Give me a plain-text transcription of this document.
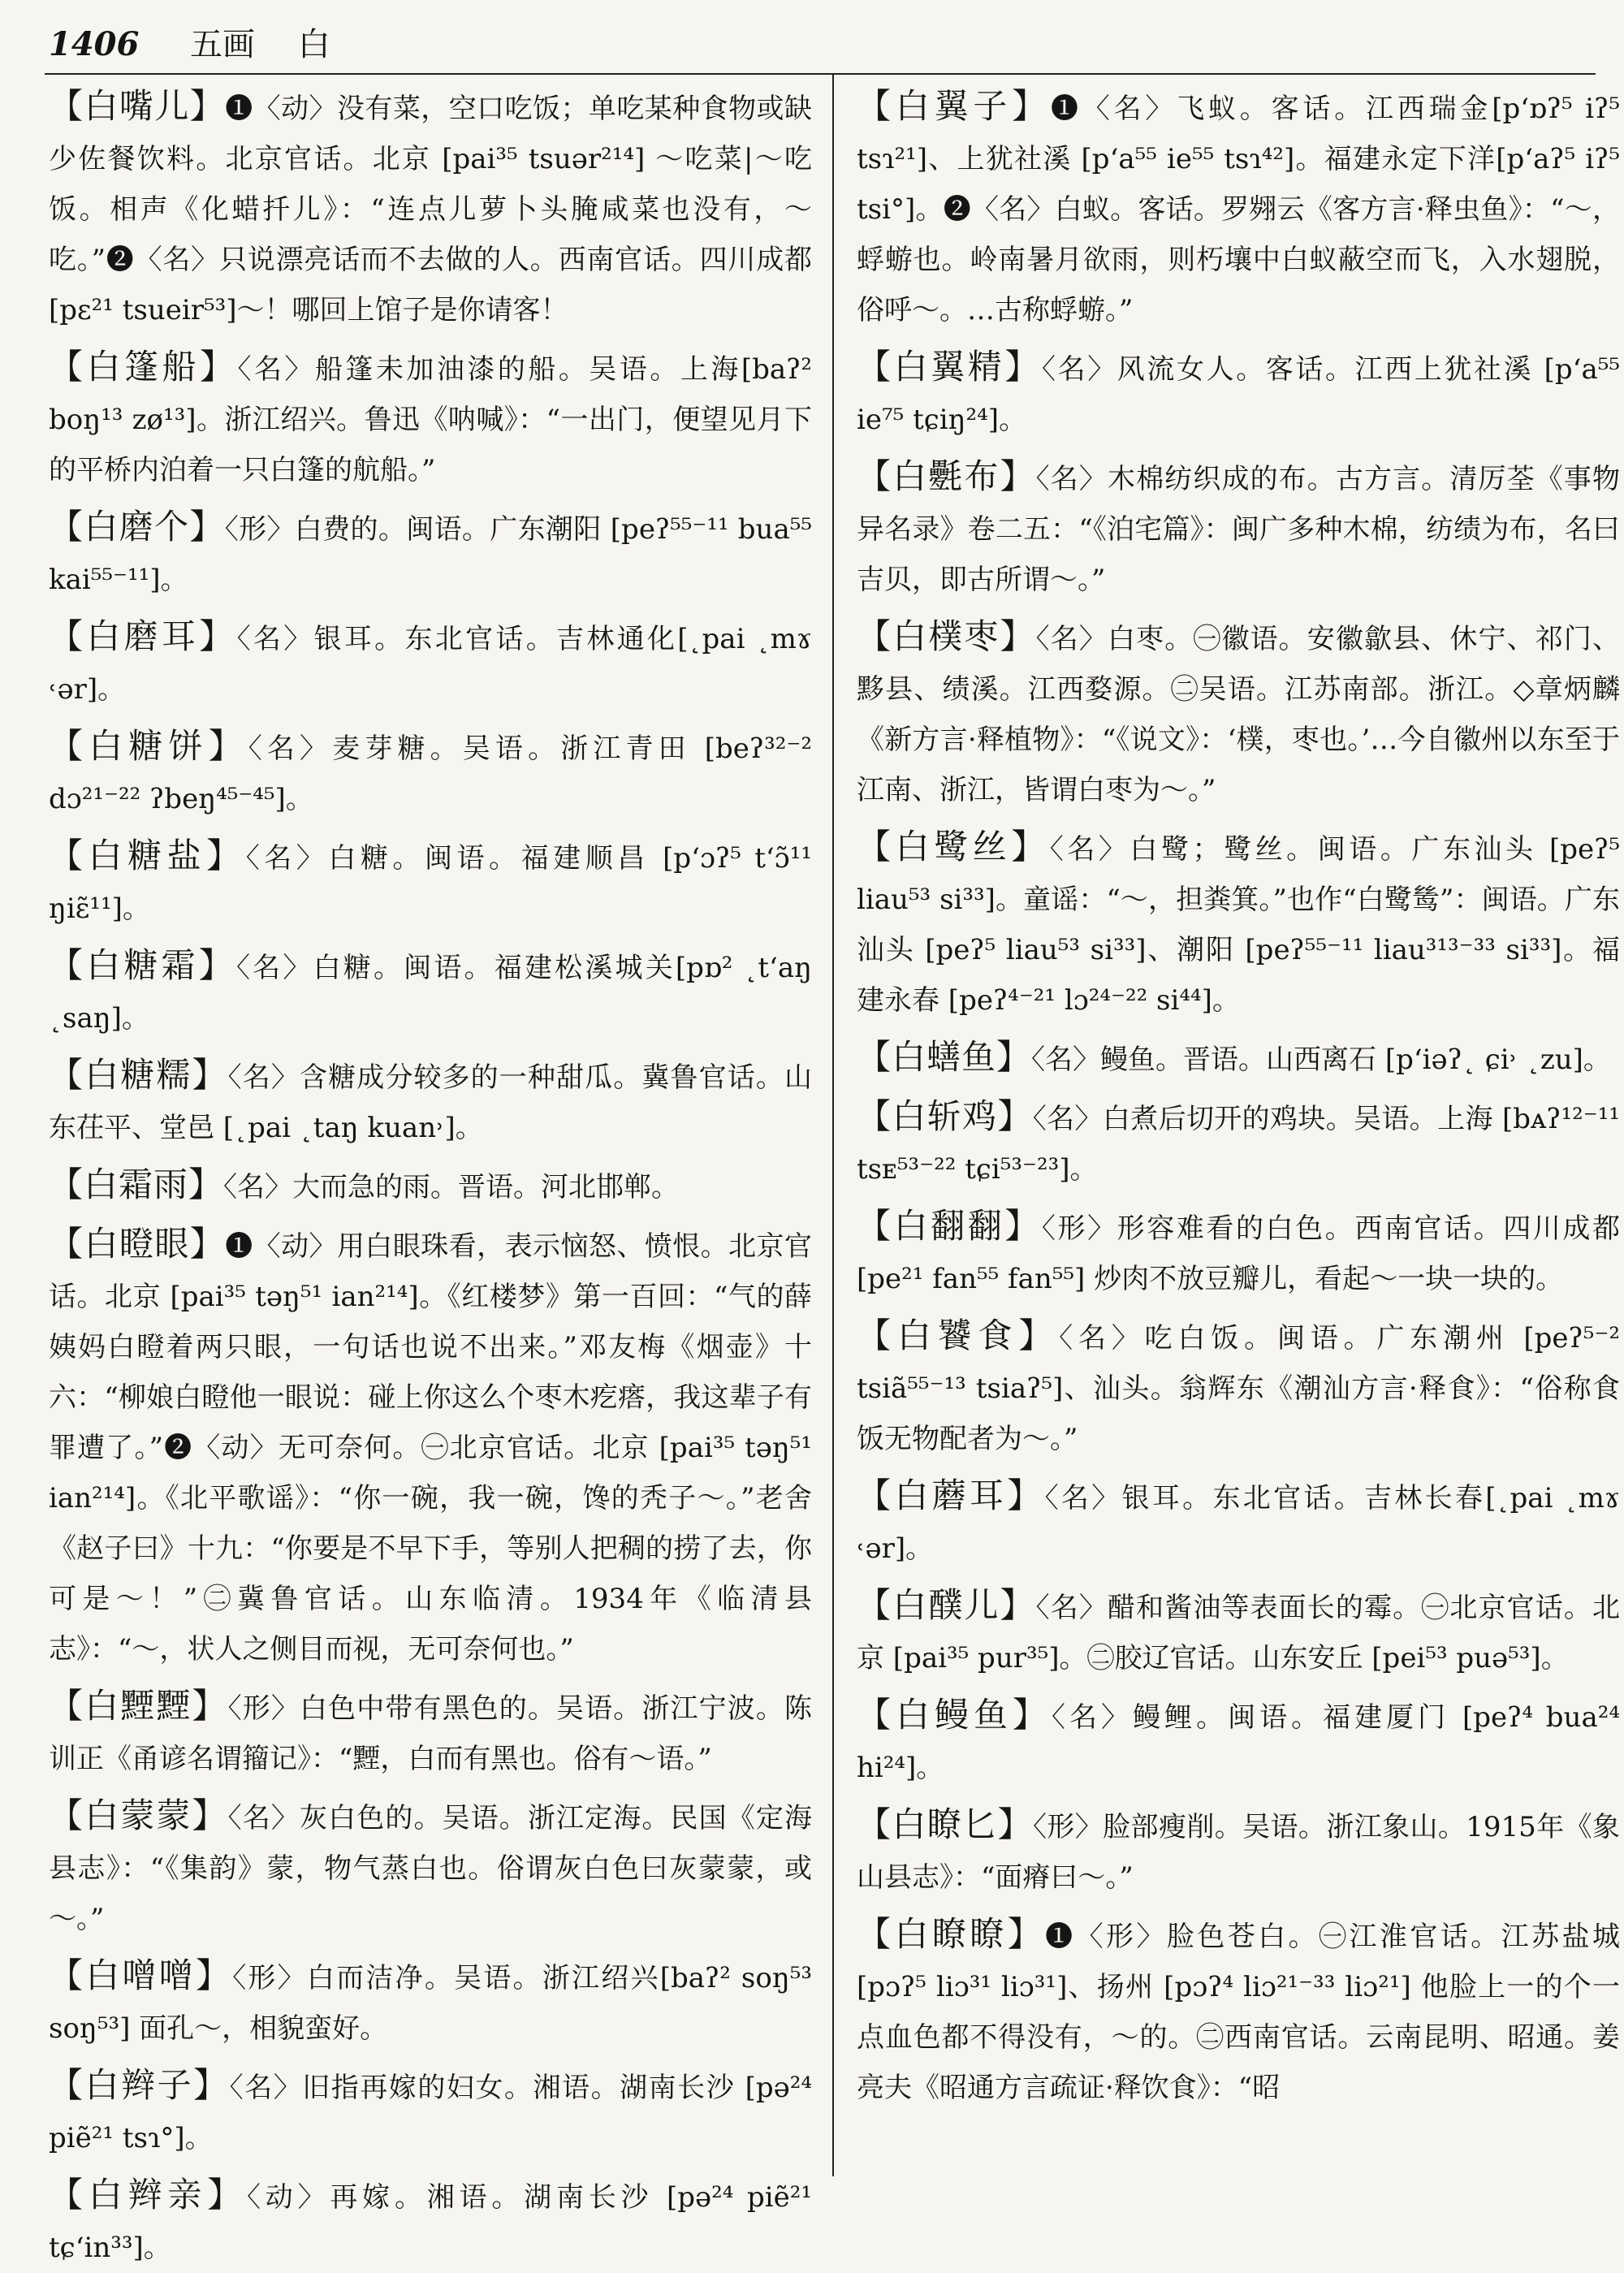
1406 五画 白

【白嘴儿】❶〈动〉没有菜，空口吃饭；单吃某种食物或缺少佐餐饮料。北京官话。北京 [pai³⁵ tsuər²¹⁴] ～吃菜|～吃饭。相声《化蜡扦儿》：“连点儿萝卜头腌咸菜也没有，～吃。”❷〈名〉只说漂亮话而不去做的人。西南官话。四川成都[pɛ²¹ tsueir⁵³]～！哪回上馆子是你请客！

【白篷船】〈名〉船篷未加油漆的船。吴语。上海[baʔ² boŋ¹³ zø¹³]。浙江绍兴。鲁迅《呐喊》：“一出门，便望见月下的平桥内泊着一只白篷的航船。”

【白磨个】〈形〉白费的。闽语。广东潮阳 [peʔ⁵⁵⁻¹¹ bua⁵⁵ kai⁵⁵⁻¹¹]。

【白磨耳】〈名〉银耳。东北官话。吉林通化[˛pai ˛mɤ ˓ər]。

【白糖饼】〈名〉麦芽糖。吴语。浙江青田 [beʔ³²⁻² dɔ²¹⁻²² ʔbeŋ⁴⁵⁻⁴⁵]。

【白糖盐】〈名〉白糖。闽语。福建顺昌 [pʻɔʔ⁵ tʻɔ̃¹¹ ŋiɛ̃¹¹]。

【白糖霜】〈名〉白糖。闽语。福建松溪城关[pɒ² ˛tʻaŋ ˛saŋ]。

【白糖糯】〈名〉含糖成分较多的一种甜瓜。冀鲁官话。山东茌平、堂邑 [˛pai ˛taŋ kuan˒]。

【白霜雨】〈名〉大而急的雨。晋语。河北邯郸。

【白瞪眼】❶〈动〉用白眼珠看，表示恼怒、愤恨。北京官话。北京 [pai³⁵ təŋ⁵¹ ian²¹⁴]。《红楼梦》第一百回：“气的薛姨妈白瞪着两只眼，一句话也说不出来。”邓友梅《烟壶》十六：“柳娘白瞪他一眼说：碰上你这么个枣木疙瘩，我这辈子有罪遭了。”❷〈动〉无可奈何。㊀北京官话。北京 [pai³⁵ təŋ⁵¹ ian²¹⁴]。《北平歌谣》：“你一碗，我一碗，馋的秃子～。”老舍《赵子曰》十九：“你要是不早下手，等别人把稠的捞了去，你可是～！”㊁冀鲁官话。山东临清。1934年《临清县志》：“～，状人之侧目而视，无可奈何也。”

【白黫黫】〈形〉白色中带有黑色的。吴语。浙江宁波。陈训正《甬谚名谓籀记》：“黫，白而有黑也。俗有～语。”

【白蒙蒙】〈名〉灰白色的。吴语。浙江定海。民国《定海县志》：“《集韵》蒙，物气蒸白也。俗谓灰白色曰灰蒙蒙，或～。”

【白噌噌】〈形〉白而洁净。吴语。浙江绍兴[baʔ² soŋ⁵³ soŋ⁵³] 面孔～，相貌蛮好。

【白辫子】〈名〉旧指再嫁的妇女。湘语。湖南长沙 [pə²⁴ piẽ²¹ tsɿ°]。

【白辫亲】〈动〉再嫁。湘语。湖南长沙 [pə²⁴ piẽ²¹ tɕʻin³³]。

【白翼子】❶〈名〉飞蚁。客话。江西瑞金[pʻɒʔ⁵ iʔ⁵ tsɿ²¹]、上犹社溪 [pʻa⁵⁵ ie⁵⁵ tsɿ⁴²]。福建永定下洋[pʻaʔ⁵ iʔ⁵ tsi°]。❷〈名〉白蚁。客话。罗翙云《客方言·释虫鱼》：“～，蜉蝣也。岭南暑月欲雨，则朽壤中白蚁蔽空而飞，入水翅脱，俗呼～。…古称蜉蝣。”

【白翼精】〈名〉风流女人。客话。江西上犹社溪 [pʻa⁵⁵ ie⁷⁵ tɕiŋ²⁴]。

【白氎布】〈名〉木棉纺织成的布。古方言。清厉荃《事物异名录》卷二五：“《泊宅篇》：闽广多种木棉，纺绩为布，名曰吉贝，即古所谓～。”

【白樸枣】〈名〉白枣。㊀徽语。安徽歙县、休宁、祁门、黟县、绩溪。江西婺源。㊁吴语。江苏南部。浙江。◇章炳麟《新方言·释植物》：“《说文》：‘樸，枣也。’…今自徽州以东至于江南、浙江，皆谓白枣为～。”

【白鹭丝】〈名〉白鹭；鹭丝。闽语。广东汕头 [peʔ⁵ liau⁵³ si³³]。童谣：“～，担粪箕。”也作“白鹭鸶”：闽语。广东汕头 [peʔ⁵ liau⁵³ si³³]、潮阳 [peʔ⁵⁵⁻¹¹ liau³¹³⁻³³ si³³]。福建永春 [peʔ⁴⁻²¹ lɔ²⁴⁻²² si⁴⁴]。

【白蟮鱼】〈名〉鳗鱼。晋语。山西离石 [pʻiəʔ˛ ɕi˒ ˛zu]。

【白斩鸡】〈名〉白煮后切开的鸡块。吴语。上海 [bᴀʔ¹²⁻¹¹ tsᴇ⁵³⁻²² tɕi⁵³⁻²³]。

【白翻翻】〈形〉形容难看的白色。西南官话。四川成都 [pe²¹ fan⁵⁵ fan⁵⁵] 炒肉不放豆瓣儿，看起～一块一块的。

【白饕食】〈名〉吃白饭。闽语。广东潮州 [peʔ⁵⁻² tsiã⁵⁵⁻¹³ tsiaʔ⁵]、汕头。翁辉东《潮汕方言·释食》：“俗称食饭无物配者为～。”

【白蘑耳】〈名〉银耳。东北官话。吉林长春[˛pai ˛mɤ ˓ər]。

【白醭儿】〈名〉醋和酱油等表面长的霉。㊀北京官话。北京 [pai³⁵ pur³⁵]。㊁胶辽官话。山东安丘 [pei⁵³ puə⁵³]。

【白鳗鱼】〈名〉鳗鲤。闽语。福建厦门 [peʔ⁴ bua²⁴ hi²⁴]。

【白瞭匕】〈形〉脸部瘦削。吴语。浙江象山。1915年《象山县志》：“面瘠曰～。”

【白瞭瞭】❶〈形〉脸色苍白。㊀江淮官话。江苏盐城 [pɔʔ⁵ liɔ³¹ liɔ³¹]、扬州 [pɔʔ⁴ liɔ²¹⁻³³ liɔ²¹] 他脸上一的个一点血色都不得没有，～的。㊁西南官话。云南昆明、昭通。姜亮夫《昭通方言疏证·释饮食》：“昭
